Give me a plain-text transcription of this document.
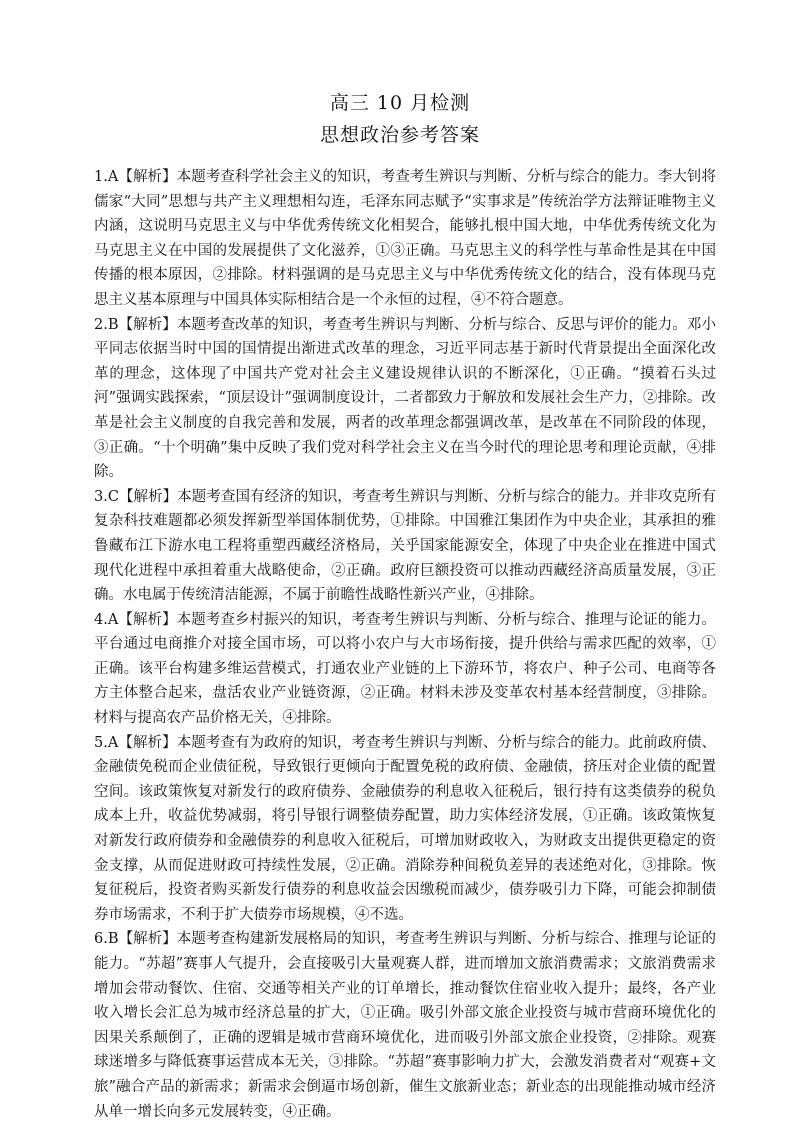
高三 10 月检测
思想政治参考答案

1.A【解析】本题考查科学社会主义的知识，考查考生辨识与判断、分析与综合的能力。李大钊将儒家“大同”思想与共产主义理想相勾连，毛泽东同志赋予“实事求是”传统治学方法辩证唯物主义内涵，这说明马克思主义与中华优秀传统文化相契合，能够扎根中国大地，中华优秀传统文化为马克思主义在中国的发展提供了文化滋养，①③正确。马克思主义的科学性与革命性是其在中国传播的根本原因，②排除。材料强调的是马克思主义与中华优秀传统文化的结合，没有体现马克思主义基本原理与中国具体实际相结合是一个永恒的过程，④不符合题意。

2.B【解析】本题考查改革的知识，考查考生辨识与判断、分析与综合、反思与评价的能力。邓小平同志依据当时中国的国情提出渐进式改革的理念，习近平同志基于新时代背景提出全面深化改革的理念，这体现了中国共产党对社会主义建设规律认识的不断深化，①正确。“摸着石头过河”强调实践探索，“顶层设计”强调制度设计，二者都致力于解放和发展社会生产力，②排除。改革是社会主义制度的自我完善和发展，两者的改革理念都强调改革，是改革在不同阶段的体现，③正确。“十个明确”集中反映了我们党对科学社会主义在当今时代的理论思考和理论贡献，④排除。

3.C【解析】本题考查国有经济的知识，考查考生辨识与判断、分析与综合的能力。并非攻克所有复杂科技难题都必须发挥新型举国体制优势，①排除。中国雅江集团作为中央企业，其承担的雅鲁藏布江下游水电工程将重塑西藏经济格局，关乎国家能源安全，体现了中央企业在推进中国式现代化进程中承担着重大战略使命，②正确。政府巨额投资可以推动西藏经济高质量发展，③正确。水电属于传统清洁能源，不属于前瞻性战略性新兴产业，④排除。

4.A【解析】本题考查乡村振兴的知识，考查考生辨识与判断、分析与综合、推理与论证的能力。平台通过电商推介对接全国市场，可以将小农户与大市场衔接，提升供给与需求匹配的效率，①正确。该平台构建多维运营模式，打通农业产业链的上下游环节，将农户、种子公司、电商等各方主体整合起来，盘活农业产业链资源，②正确。材料未涉及变革农村基本经营制度，③排除。材料与提高农产品价格无关，④排除。

5.A【解析】本题考查有为政府的知识，考查考生辨识与判断、分析与综合的能力。此前政府债、金融债免税而企业债征税，导致银行更倾向于配置免税的政府债、金融债，挤压对企业债的配置空间。该政策恢复对新发行的政府债券、金融债券的利息收入征税后，银行持有这类债券的税负成本上升，收益优势减弱，将引导银行调整债券配置，助力实体经济发展，①正确。该政策恢复对新发行政府债券和金融债券的利息收入征税后，可增加财政收入，为财政支出提供更稳定的资金支撑，从而促进财政可持续性发展，②正确。消除券种间税负差异的表述绝对化，③排除。恢复征税后，投资者购买新发行债券的利息收益会因缴税而减少，债券吸引力下降，可能会抑制债券市场需求，不利于扩大债券市场规模，④不选。

6.B【解析】本题考查构建新发展格局的知识，考查考生辨识与判断、分析与综合、推理与论证的能力。“苏超”赛事人气提升，会直接吸引大量观赛人群，进而增加文旅消费需求；文旅消费需求增加会带动餐饮、住宿、交通等相关产业的订单增长，推动餐饮住宿业收入提升；最终，各产业收入增长会汇总为城市经济总量的扩大，①正确。吸引外部文旅企业投资与城市营商环境优化的因果关系颠倒了，正确的逻辑是城市营商环境优化，进而吸引外部文旅企业投资，②排除。观赛球迷增多与降低赛事运营成本无关，③排除。“苏超”赛事影响力扩大，会激发消费者对“观赛+文旅”融合产品的新需求；新需求会倒逼市场创新，催生文旅新业态；新业态的出现能推动城市经济从单一增长向多元发展转变，④正确。
